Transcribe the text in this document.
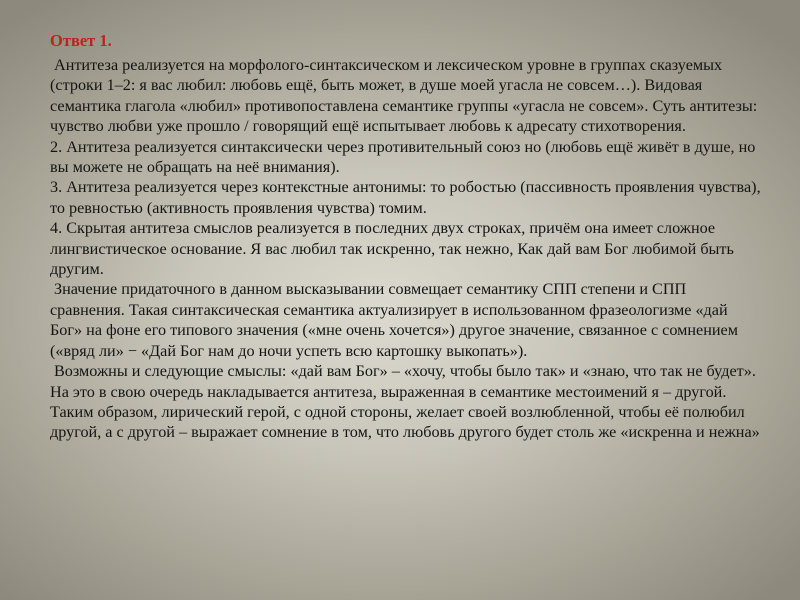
Ответ 1.

Антитеза реализуется на морфолого-синтаксическом и лексическом уровне в группах сказуемых (строки 1–2: я вас любил: любовь ещё, быть может, в душе моей угасла не совсем…). Видовая семантика глагола «любил» противопоставлена семантике группы «угасла не совсем». Суть антитезы: чувство любви уже прошло / говорящий ещё испытывает любовь к адресату стихотворения.

2. Антитеза реализуется синтаксически через противительный союз но (любовь ещё живёт в душе, но вы можете не обращать на неё внимания).

3. Антитеза реализуется через контекстные антонимы: то робостью (пассивность проявления чувства), то ревностью (активность проявления чувства) томим.

4. Скрытая антитеза смыслов реализуется в последних двух строках, причём она имеет сложное лингвистическое основание. Я вас любил так искренно, так нежно, Как дай вам Бог любимой быть другим.

Значение придаточного в данном высказывании совмещает семантику СПП степени и СПП сравнения. Такая синтаксическая семантика актуализирует в использованном фразеологизме «дай Бог» на фоне его типового значения («мне очень хочется») другое значение, связанное с сомнением («вряд ли» − «Дай Бог нам до ночи успеть всю картошку выкопать»).

Возможны и следующие смыслы: «дай вам Бог» – «хочу, чтобы было так» и «знаю, что так не будет». На это в свою очередь накладывается антитеза, выраженная в семантике местоимений я – другой. Таким образом, лирический герой, с одной стороны, желает своей возлюбленной, чтобы её полюбил другой, а с другой – выражает сомнение в том, что любовь другого будет столь же «искренна и нежна»
